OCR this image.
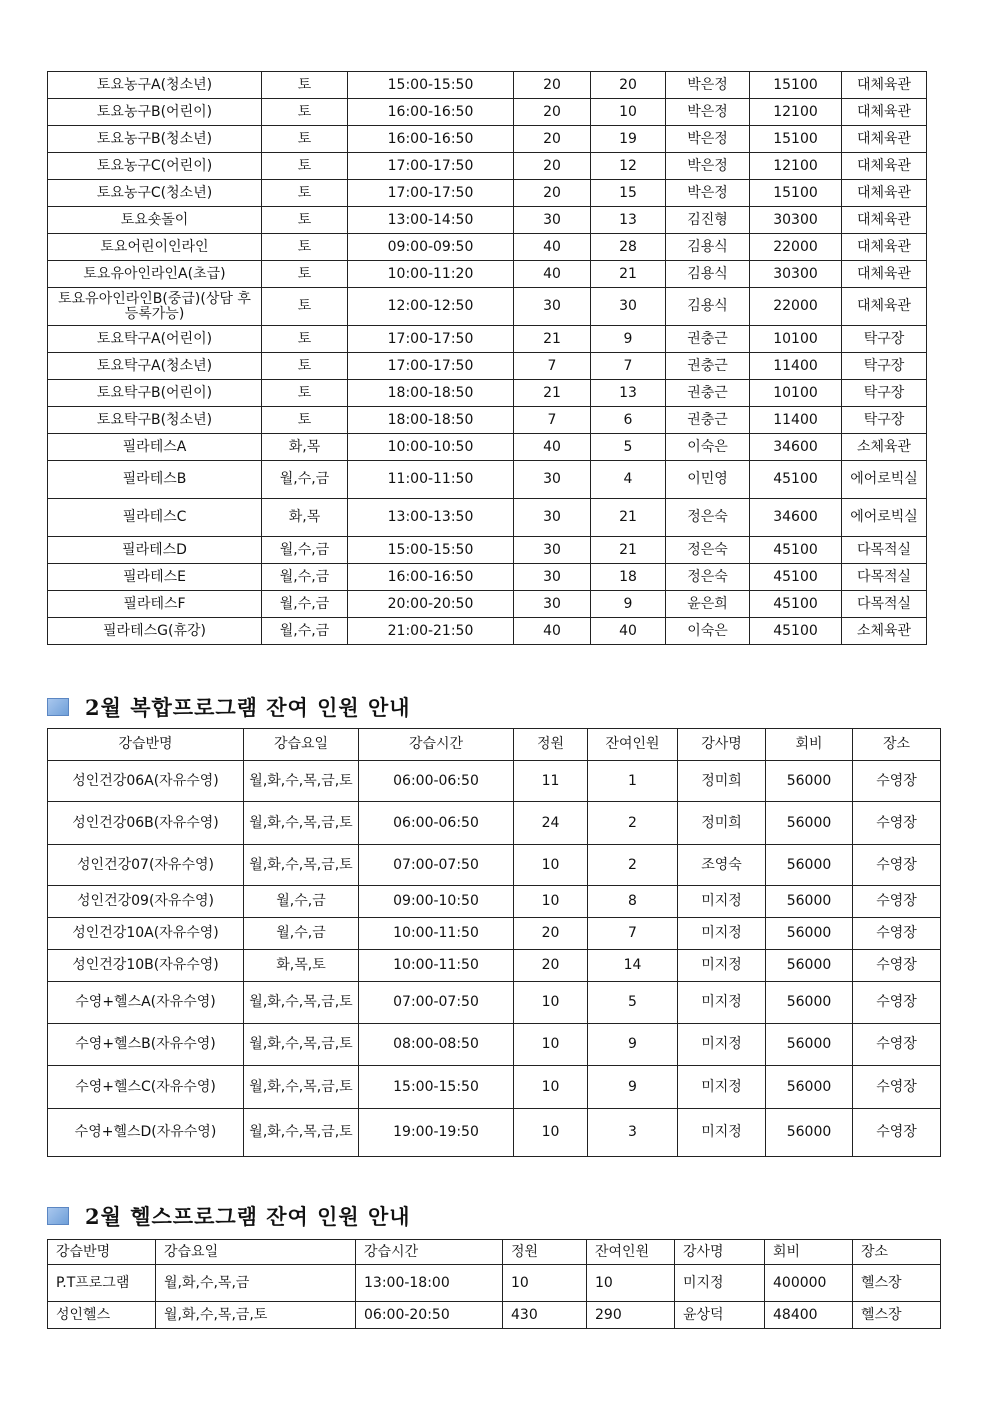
토요농구A(청소년)	토	15:00-15:50	20	20	박은정	15100	대체육관
토요농구B(어린이)	토	16:00-16:50	20	10	박은정	12100	대체육관
토요농구B(청소년)	토	16:00-16:50	20	19	박은정	15100	대체육관
토요농구C(어린이)	토	17:00-17:50	20	12	박은정	12100	대체육관
토요농구C(청소년)	토	17:00-17:50	20	15	박은정	15100	대체육관
토요숏돌이	토	13:00-14:50	30	13	김진형	30300	대체육관
토요어린이인라인	토	09:00-09:50	40	28	김용식	22000	대체육관
토요유아인라인A(초급)	토	10:00-11:20	40	21	김용식	30300	대체육관
토요유아인라인B(중급)(상담 후 등록가능)	토	12:00-12:50	30	30	김용식	22000	대체육관
토요탁구A(어린이)	토	17:00-17:50	21	9	권충근	10100	탁구장
토요탁구A(청소년)	토	17:00-17:50	7	7	권충근	11400	탁구장
토요탁구B(어린이)	토	18:00-18:50	21	13	권충근	10100	탁구장
토요탁구B(청소년)	토	18:00-18:50	7	6	권충근	11400	탁구장
필라테스A	화,목	10:00-10:50	40	5	이숙은	34600	소체육관
필라테스B	월,수,금	11:00-11:50	30	4	이민영	45100	에어로빅실
필라테스C	화,목	13:00-13:50	30	21	정은숙	34600	에어로빅실
필라테스D	월,수,금	15:00-15:50	30	21	정은숙	45100	다목적실
필라테스E	월,수,금	16:00-16:50	30	18	정은숙	45100	다목적실
필라테스F	월,수,금	20:00-20:50	30	9	윤은희	45100	다목적실
필라테스G(휴강)	월,수,금	21:00-21:50	40	40	이숙은	45100	소체육관
2월 복합프로그램 잔여 인원 안내
강습반명	강습요일	강습시간	정원	잔여인원	강사명	회비	장소
성인건강06A(자유수영)	월,화,수,목,금,토	06:00-06:50	11	1	정미희	56000	수영장
성인건강06B(자유수영)	월,화,수,목,금,토	06:00-06:50	24	2	정미희	56000	수영장
성인건강07(자유수영)	월,화,수,목,금,토	07:00-07:50	10	2	조영숙	56000	수영장
성인건강09(자유수영)	월,수,금	09:00-10:50	10	8	미지정	56000	수영장
성인건강10A(자유수영)	월,수,금	10:00-11:50	20	7	미지정	56000	수영장
성인건강10B(자유수영)	화,목,토	10:00-11:50	20	14	미지정	56000	수영장
수영+헬스A(자유수영)	월,화,수,목,금,토	07:00-07:50	10	5	미지정	56000	수영장
수영+헬스B(자유수영)	월,화,수,목,금,토	08:00-08:50	10	9	미지정	56000	수영장
수영+헬스C(자유수영)	월,화,수,목,금,토	15:00-15:50	10	9	미지정	56000	수영장
수영+헬스D(자유수영)	월,화,수,목,금,토	19:00-19:50	10	3	미지정	56000	수영장
2월 헬스프로그램 잔여 인원 안내
강습반명	강습요일	강습시간	정원	잔여인원	강사명	회비	장소
P.T프로그램	월,화,수,목,금	13:00-18:00	10	10	미지정	400000	헬스장
성인헬스	월,화,수,목,금,토	06:00-20:50	430	290	윤상덕	48400	헬스장
